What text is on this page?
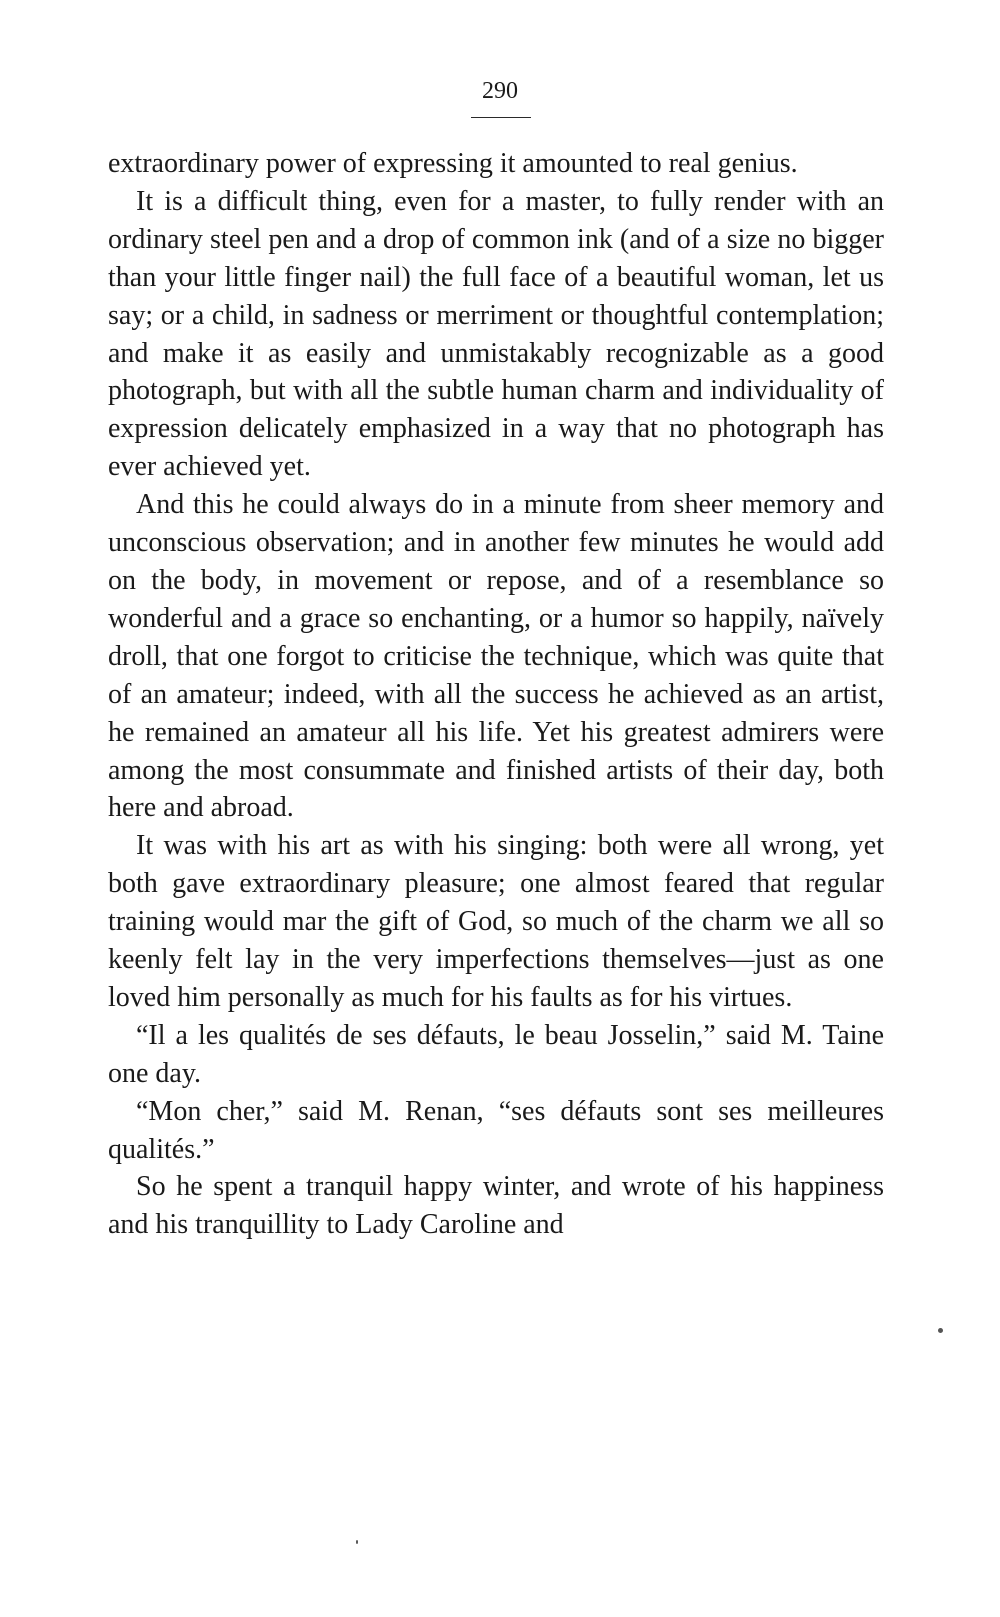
290

extraordinary power of expressing it amounted to real genius.

It is a difficult thing, even for a master, to fully render with an ordinary steel pen and a drop of common ink (and of a size no bigger than your little finger nail) the full face of a beautiful woman, let us say; or a child, in sadness or merriment or thoughtful contemplation; and make it as easily and unmistakably recognizable as a good photograph, but with all the subtle human charm and individuality of expression delicately emphasized in a way that no photograph has ever achieved yet.

And this he could always do in a minute from sheer memory and unconscious observation; and in another few minutes he would add on the body, in movement or repose, and of a resemblance so wonderful and a grace so enchanting, or a humor so happily, naïvely droll, that one forgot to criticise the technique, which was quite that of an amateur; indeed, with all the success he achieved as an artist, he remained an amateur all his life. Yet his greatest admirers were among the most consummate and finished artists of their day, both here and abroad.

It was with his art as with his singing: both were all wrong, yet both gave extraordinary pleasure; one almost feared that regular training would mar the gift of God, so much of the charm we all so keenly felt lay in the very imperfections themselves—just as one loved him personally as much for his faults as for his virtues.

“Il a les qualités de ses défauts, le beau Josselin,” said M. Taine one day.

“Mon cher,” said M. Renan, “ses défauts sont ses meilleures qualités.”

So he spent a tranquil happy winter, and wrote of his happiness and his tranquillity to Lady Caroline and
